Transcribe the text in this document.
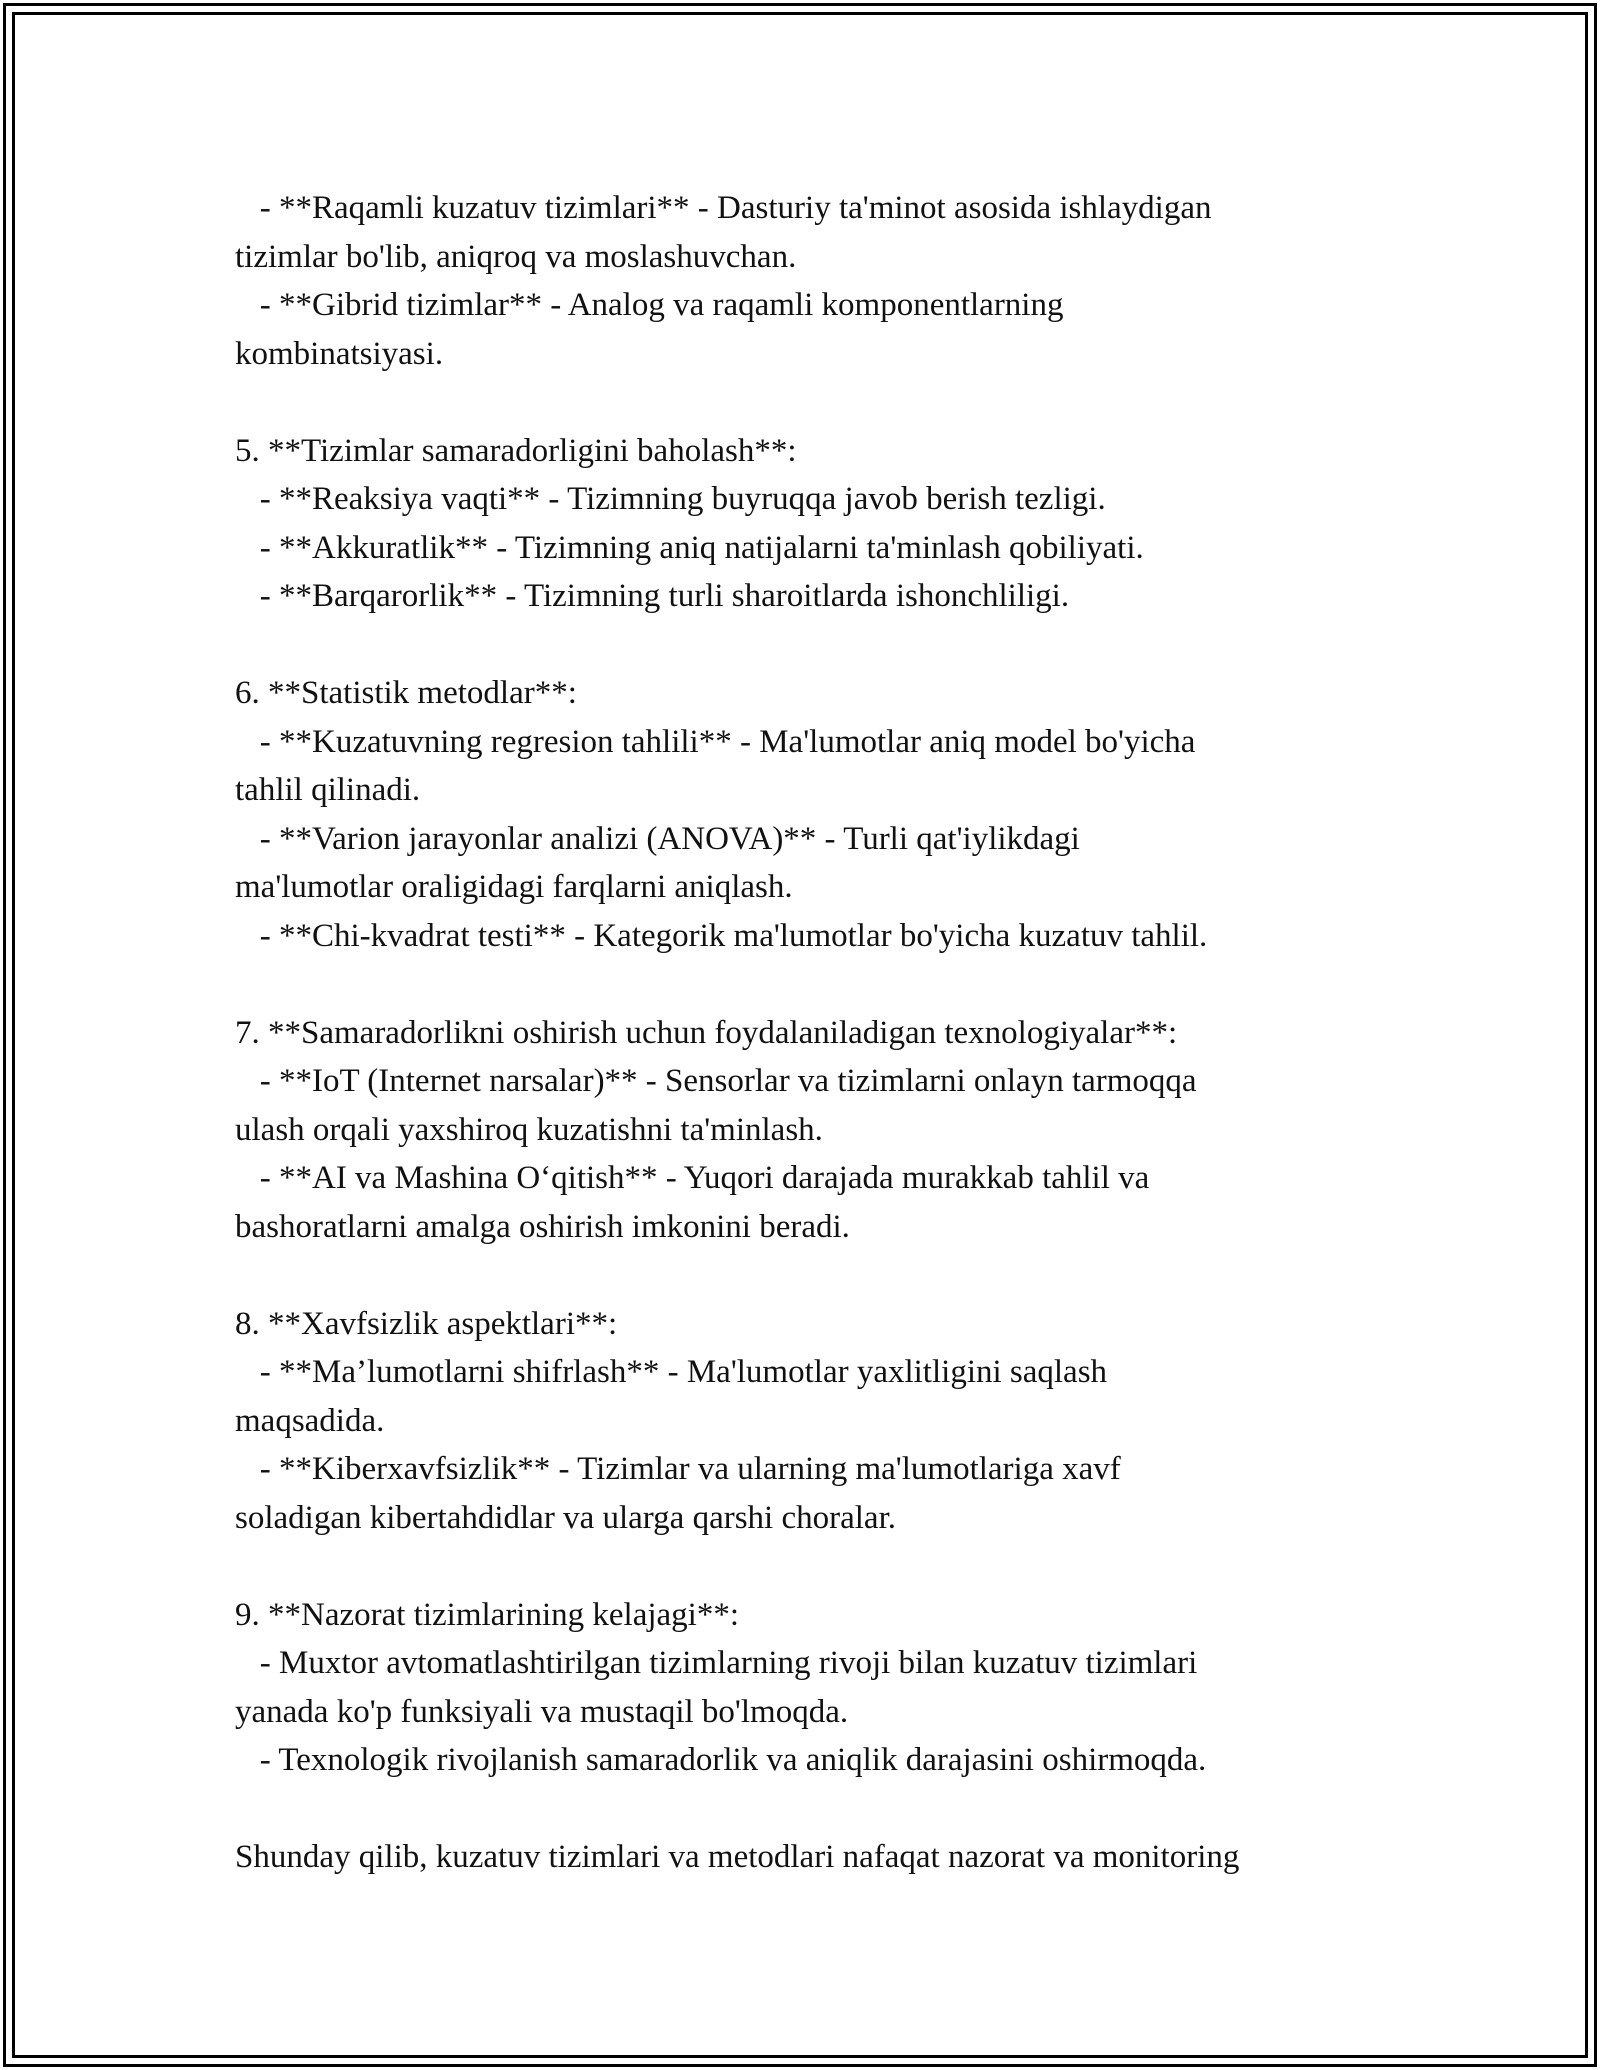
- **Raqamli kuzatuv tizimlari** - Dasturiy ta'minot asosida ishlaydigan
tizimlar bo'lib, aniqroq va moslashuvchan.
- **Gibrid tizimlar** - Analog va raqamli komponentlarning
kombinatsiyasi.
5. **Tizimlar samaradorligini baholash**:
- **Reaksiya vaqti** - Tizimning buyruqqa javob berish tezligi.
- **Akkuratlik** - Tizimning aniq natijalarni ta'minlash qobiliyati.
- **Barqarorlik** - Tizimning turli sharoitlarda ishonchliligi.
6. **Statistik metodlar**:
- **Kuzatuvning regresion tahlili** - Ma'lumotlar aniq model bo'yicha
tahlil qilinadi.
- **Varion jarayonlar analizi (ANOVA)** - Turli qat'iylikdagi
ma'lumotlar oraligidagi farqlarni aniqlash.
- **Chi-kvadrat testi** - Kategorik ma'lumotlar bo'yicha kuzatuv tahlil.
7. **Samaradorlikni oshirish uchun foydalaniladigan texnologiyalar**:
- **IoT (Internet narsalar)** - Sensorlar va tizimlarni onlayn tarmoqqa
ulash orqali yaxshiroq kuzatishni ta'minlash.
- **AI va Mashina O‘qitish** - Yuqori darajada murakkab tahlil va
bashoratlarni amalga oshirish imkonini beradi.
8. **Xavfsizlik aspektlari**:
- **Ma’lumotlarni shifrlash** - Ma'lumotlar yaxlitligini saqlash
maqsadida.
- **Kiberxavfsizlik** - Tizimlar va ularning ma'lumotlariga xavf
soladigan kibertahdidlar va ularga qarshi choralar.
9. **Nazorat tizimlarining kelajagi**:
- Muxtor avtomatlashtirilgan tizimlarning rivoji bilan kuzatuv tizimlari
yanada ko'p funksiyali va mustaqil bo'lmoqda.
- Texnologik rivojlanish samaradorlik va aniqlik darajasini oshirmoqda.
Shunday qilib, kuzatuv tizimlari va metodlari nafaqat nazorat va monitoring
